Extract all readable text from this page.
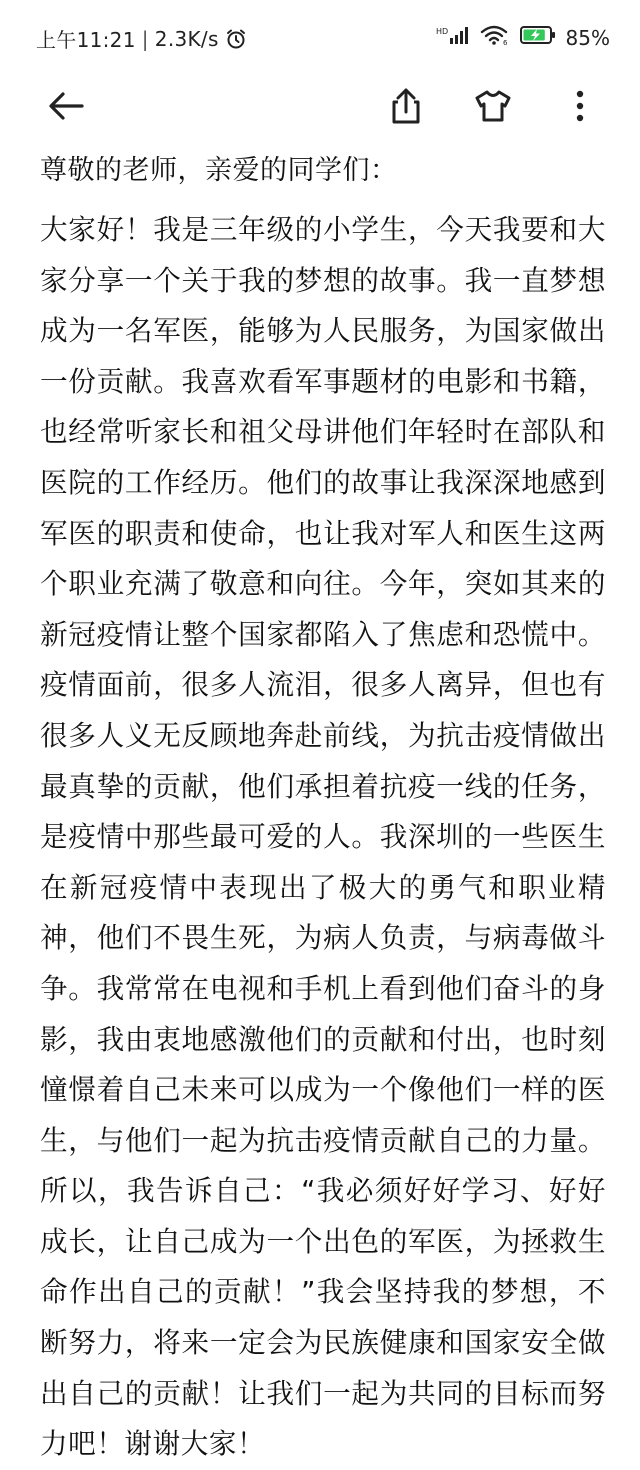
上午11:21 | 2.3K/s	HD
6	85%

尊敬的老师，亲爱的同学们：

大家好！我是三年级的小学生，今天我要和大家分享一个关于我的梦想的故事。我一直梦想成为一名军医，能够为人民服务，为国家做出一份贡献。我喜欢看军事题材的电影和书籍，也经常听家长和祖父母讲他们年轻时在部队和医院的工作经历。他们的故事让我深深地感到军医的职责和使命，也让我对军人和医生这两个职业充满了敬意和向往。今年，突如其来的新冠疫情让整个国家都陷入了焦虑和恐慌中。疫情面前，很多人流泪，很多人离异，但也有很多人义无反顾地奔赴前线，为抗击疫情做出最真挚的贡献，他们承担着抗疫一线的任务，是疫情中那些最可爱的人。我深圳的一些医生在新冠疫情中表现出了极大的勇气和职业精神，他们不畏生死，为病人负责，与病毒做斗争。我常常在电视和手机上看到他们奋斗的身影，我由衷地感激他们的贡献和付出，也时刻憧憬着自己未来可以成为一个像他们一样的医生，与他们一起为抗击疫情贡献自己的力量。所以，我告诉自己：“我必须好好学习、好好成长，让自己成为一个出色的军医，为拯救生命作出自己的贡献！”我会坚持我的梦想，不断努力，将来一定会为民族健康和国家安全做出自己的贡献！让我们一起为共同的目标而努力吧！谢谢大家！
